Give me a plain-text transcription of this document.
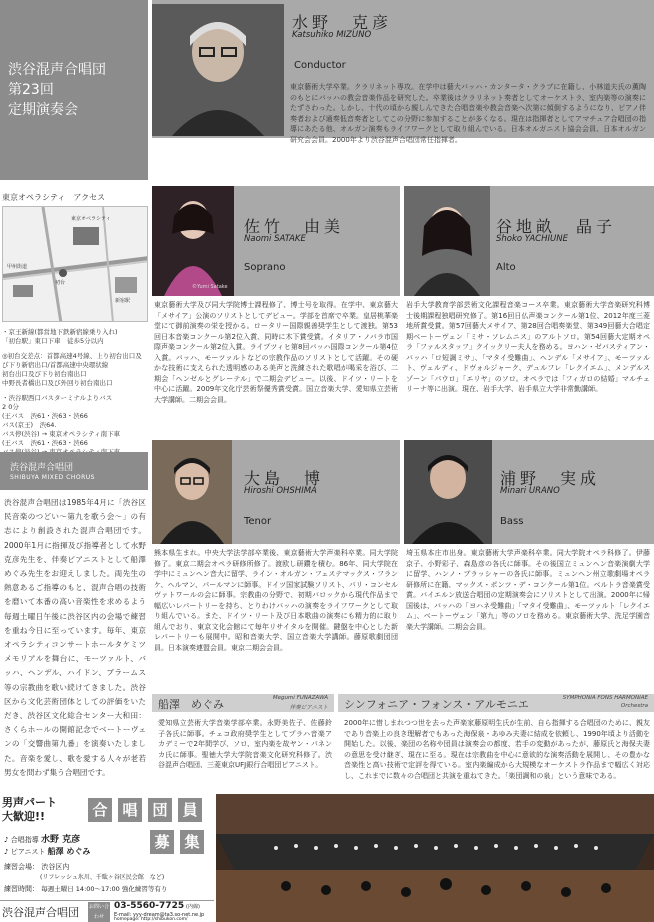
渋谷混声合唱団
第23回
定期演奏会
東京オペラシティ　アクセス
東京オペラシティ
初台
新宿駅
甲州街道
・京王新線(都営地下鉄新宿線乗り入れ)
「初台駅」東口下車　徒歩5分以内
◎初台交差点：首都高速4号線、上り初台出口及び下り新宿出口/首都高速中央環状線
初台出口及び下り初台南出口
中野長者橋出口及び外回り初台南出口
・渋谷駅西口バスターミナルよりバス
2 0分
(王バス　渋61・渋63・渋66
バス(京王)　渋64.
バス停(渋谷) → 東京オペラシティ南下車
(王バス　渋61・渋63・渋66
渋谷混声合唱団
SHIBUYA MIXED CHORUS
渋谷混声合唱団は1985年4月に「渋谷区民音楽のつどい〜第九を歌う会〜」の有志により創設された混声合唱団です。2000年1月に指揮及び指導者として水野克彦先生を、伴奏ピアニストとして船澤めぐみ先生をお迎えしました。両先生の熱意あるご指導のもと、混声合唱の技術を磨いて本番の高い音楽性を求めるよう毎週土曜日午後に渋谷区内の会場で練習を重ね今日に至っています。毎年、東京オペラシティコンサートホールタケミツメモリアルを舞台に、モーツァルト、バッハ、ヘンデル、ハイドン、ブラームス等の宗教曲を歌い続けてきました。渋谷区から文化芸術団体としての評価をいただき、渋谷区文化総合センター大和田：さくらホールの開館記念でベートーヴェンの「交響曲第九番」を演奏いたしました。音楽を愛し、歌を愛する人々が老若男女を問わず集う合唱団です。
水野　克彦
Katsuhiko MIZUNO
Conductor
東京藝術大学卒業。クラリネット専攻。在学中は藝大バッハ・カンタータ・クラブに在籍し、小林道夫氏の薫陶のもとにバッハの教会音楽作品を研究した。卒業後はクラリネット奏者としてオーケストラ、室内楽等の演奏にたずさわった。しかし、十代の頃から親しんできた合唱音楽や教会音楽へ次第に傾倒するようになり、ピアノ伴奏者および通奏低音奏者としてこの分野に参加することが多くなる。現在は指揮者としてアマチュア合唱団の指導にあたる他、オルガン演奏もライフワークとして取り組んでいる。日本オルガニスト協会会員、日本オルガン研究会会員。2000年より渋谷混声合唱団常任指揮者。
©Yumi Satake
佐竹　由美
Naomi SATAKE
Soprano
東京藝術大学及び同大学院博士課程修了、博士号を取得。在学中、東京藝大「メサイア」公演のソリストとしてデビュー。学部を首席で卒業。皇居桃華楽堂にて御前演奏の栄を授かる。ロータリー国際親善奨学生として渡独。第53回日本音楽コンクール第2位入賞、同時に木下賞受賞。イタリア・ノバラ市国際声楽コンクール第2位入賞。ライプツィヒ第8回バッハ国際コンクール第4位入賞。バッハ、モーツァルトなどの宗教作品のソリストとして活躍。その硬かな技術に支えられた透明感のある美声と洗練された歌唱が喝采を浴び、二期会「ヘンゼルとグレーテル」で二期会デビュー。以後、ドイツ・リートを中心に活躍。2009年文化庁芸術祭優秀賞受賞。国立音楽大学、愛知県立芸術大学講師。二期会会員。
谷地畝　晶子
Shoko YACHIUNE
Alto
岩手大学教育学部芸術文化課程音楽コース卒業。東京藝術大学音楽研究科博士後期課程独唱研究修了。第16回日仏声楽コンクール第1位、2012年度三菱地所賞受賞。第57回藝大メサイア、第28回合唱奏楽堂、第349回藝大合唱定期ベートーヴェン「ミサ・ソレムニス」のアルトソロ。第54回藝大定期オペラ「ファルスタッフ」クイックリー夫人を務める。ヨハン・ゼバスティアン・バッハ「ロ短調ミサ」、「マタイ受難曲」、ヘンデル「メサイア」、モーツァルト、ヴェルディ、ドヴォルジャーク、デュルフレ「レクイエム」、メンデルスゾーン「パウロ」「エリヤ」のソロ。オペラでは「フィガロの結婚」マルチェリーナ等に出演。現在、岩手大学、岩手県立大学非常勤講師。
大島　博
Hiroshi OHSHIMA
Tenor
熊本県生まれ。中央大学法学部卒業後、東京藝術大学声楽科卒業。同大学院修了。東京二期会オペラ研修所修了。渡欧し研鑽を積む。86年、同大学院在学中にミュンヘン音大に留学、ライン・オルガン・フェステマックス・フランケ、ヘルマン、パールマンに師事。ドイツ国家試験ソリスト、パリ・コンセルヴァトワールの会に師事。宗教曲の分野で、初期バロックから現代作品まで幅広いレパートリーを持ち、とりわけバッハの演奏をライフワークとして取り組んでいる。また、ドイツ・リート及び日本歌曲の演奏にも精力的に取り組んでおり、東京文化会館にて毎年リサイタルを開催。鍵盤を中心とした新レパートリーも展開中。昭和音楽大学、国立音楽大学講師。藤原歌劇団団員。日本演奏連盟会員。東京二期会会員。
浦野　実成
Minari URANO
Bass
埼玉県本庄市出身。東京藝術大学声楽科卒業。同大学院オペラ科修了。伊藤京子、小野彩子、森島彦の各氏に師事。その後国立ミュンヘン音楽演劇大学に留学、ハンノ・ブラッシャーの各氏に師事。ミュンヘン州立歌劇場オペラ研修所に在籍、マックス・ポンツ・デ・コンクール第1位。ベルトラ音楽賞受賞。バイエルン放送合唱団の定期演奏会にソリストとして出演。2000年に帰国後は、バッハの「ヨハネ受難曲」「マタイ受難曲」、モーツァルト「レクイエム」、ベートーヴェン「第九」等のソロを務める。東京藝術大学、洗足学園音楽大学講師。二期会会員。
船澤　めぐみ	Megumi FUNAZAWA
伴奏ピアニスト
愛知県立芸術大学音楽学部卒業。永野美佐子、佐藤鈴子各氏に師事。チェコ政府奨学生としてプラハ音楽アカデミーで2年間学び、ソロ、室内楽を故ヤン・パネンカ氏に師事。聖徳大学大学院音楽文化研究科修了。渋谷混声合唱団、三菱東京UFJ銀行合唱団ピアニスト。
シンフォニア・フォンス・アルモニエ	SYMPHONIA FONS HARMONIAE
Orchestra
2000年に惜しまれつつ世を去った声楽家藤原明生氏が生前、自ら指揮する合唱団のために、親友であり音楽上の良き理解者でもあった海保泉・あゆみ夫妻に結成を依頼し、1990年頃より活動を開始した。以後、楽団の名称や団員は演奏会の都度、若手の変動があったが、藤原氏と海保夫妻の意思を受け継ぎ、現在に至る。現在は宗教曲を中心に意欲的な演奏活動を展開し、その豊かな音楽性と高い技術で定評を得ている。室内楽編成から大規模なオーケストラ作品まで幅広く対応し、これまでに数々の合唱団と共演を重ねてきた。「楽団調和の泉」という意味である。
男声パート
大歓迎!!	合 唱 団 員
募 集
♪ 合唱指導 水野 克彦
♪ ピアニスト 船澤 めぐみ
練習会場： 渋谷区内
(リフレッシュ氷川、千駄ヶ谷区民会館　など)
練習時間： 毎週土曜日 14:00〜17:00 強化練習等有り
渋谷混声合唱団 お問い合わせ
03-5560-7725 (内線)
E-mail: yyy-dream@ta3.so-net.ne.jp
homepage: http://shibukon.com/
